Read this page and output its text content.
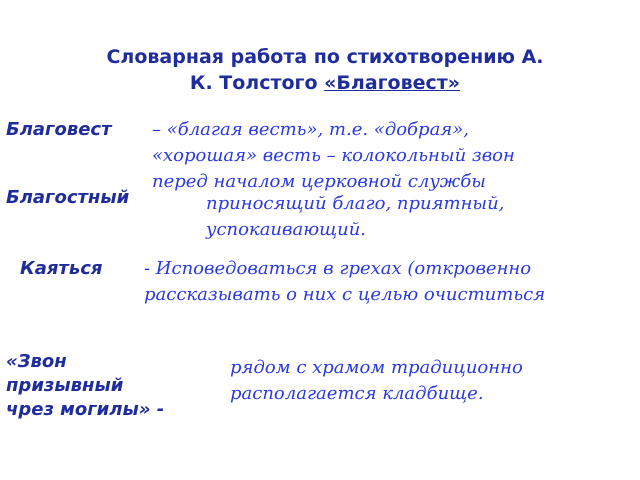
Словарная работа по стихотворению А.
К. Толстого «Благовест»
Благовест – «благая весть», т.е. «добрая»,
«хорошая» весть – колокольный звон
перед началом церковной службы
Благостный	приносящий благо, приятный,
успокаивающий.
Каяться - Исповедоваться в грехах (откровенно
рассказывать о них с целью очиститься
«Звон
призывный
чрез могилы» -
рядом с храмом традиционно
располагается кладбище.
